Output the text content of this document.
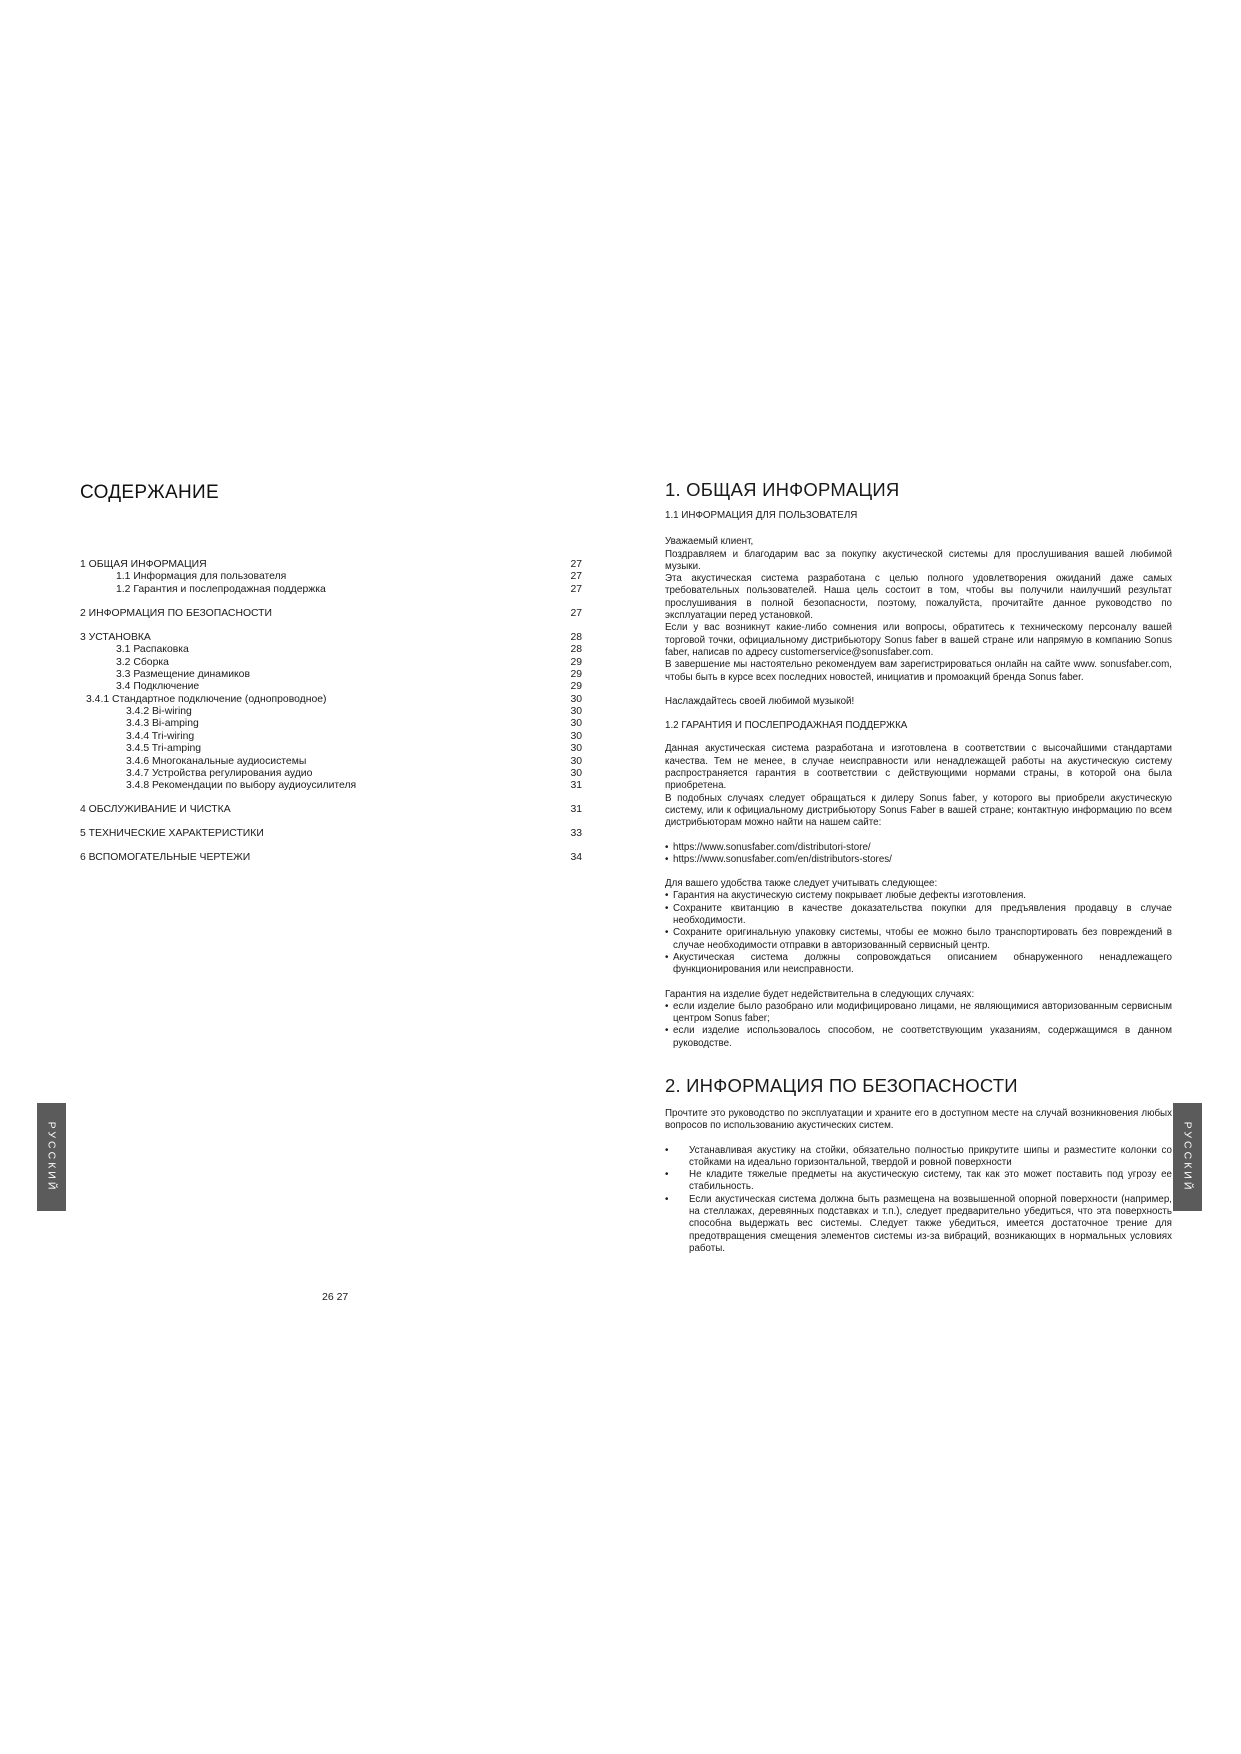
СОДЕРЖАНИЕ
1 ОБЩАЯ ИНФОРМАЦИЯ	27
1.1 Информация для пользователя	27
1.2 Гарантия и послепродажная поддержка	27
2 ИНФОРМАЦИЯ ПО БЕЗОПАСНОСТИ	27
3 УСТАНОВКА	28
3.1 Распаковка	28
3.2 Сборка	29
3.3 Размещение динамиков	29
3.4 Подключение	29
3.4.1 Стандартное подключение (однопроводное)	30
3.4.2 Bi-wiring	30
3.4.3 Bi-amping	30
3.4.4 Tri-wiring	30
3.4.5 Tri-amping	30
3.4.6 Многоканальные аудиосистемы	30
3.4.7 Устройства регулирования аудио	30
3.4.8 Рекомендации по выбору аудиоусилителя	31
4 ОБСЛУЖИВАНИЕ И ЧИСТКА	31
5 ТЕХНИЧЕСКИЕ ХАРАКТЕРИСТИКИ	33
6 ВСПОМОГАТЕЛЬНЫЕ ЧЕРТЕЖИ	34
РУССКИЙ
26 27
1. ОБЩАЯ ИНФОРМАЦИЯ
1.1 ИНФОРМАЦИЯ ДЛЯ ПОЛЬЗОВАТЕЛЯ

Уважаемый клиент,
Поздравляем и благодарим вас за покупку акустической системы для прослушивания вашей любимой музыки.
Эта акустическая система разработана с целью полного удовлетворения ожиданий даже самых требовательных пользователей. Наша цель состоит в том, чтобы вы получили наилучший результат прослушивания в полной безопасности, поэтому, пожалуйста, прочитайте данное руководство по эксплуатации перед установкой.
Если у вас возникнут какие-либо сомнения или вопросы, обратитесь к техническому персоналу вашей торговой точки, официальному дистрибьютору Sonus faber в вашей стране или напрямую в компанию Sonus faber, написав по адресу customerservice@sonusfaber.com.
В завершение мы настоятельно рекомендуем вам зарегистрироваться онлайн на сайте www. sonusfaber.com, чтобы быть в курсе всех последних новостей, инициатив и промоакций бренда Sonus faber.

Наслаждайтесь своей любимой музыкой!

1.2 ГАРАНТИЯ И ПОСЛЕПРОДАЖНАЯ ПОДДЕРЖКА

Данная акустическая система разработана и изготовлена в соответствии с высочайшими стандартами качества. Тем не менее, в случае неисправности или ненадлежащей работы на акустическую систему распространяется гарантия в соответствии с действующими нормами страны, в которой она была приобретена.
В подобных случаях следует обращаться к дилеру Sonus faber, у которого вы приобрели акустическую систему, или к официальному дистрибьютору Sonus Faber в вашей стране; контактную информацию по всем дистрибьюторам можно найти на нашем сайте:

• https://www.sonusfaber.com/distributori-store/
• https://www.sonusfaber.com/en/distributors-stores/

Для вашего удобства также следует учитывать следующее:

• Гарантия на акустическую систему покрывает любые дефекты изготовления.
• Сохраните квитанцию в качестве доказательства покупки для предъявления продавцу в случае необходимости.
• Сохраните оригинальную упаковку системы, чтобы ее можно было транспортировать без повреждений в случае необходимости отправки в авторизованный сервисный центр.
• Акустическая система должны сопровождаться описанием обнаруженного ненадлежащего функционирования или неисправности.

Гарантия на изделие будет недействительна в следующих случаях:

• если изделие было разобрано или модифицировано лицами, не являющимися авторизованным сервисным центром Sonus faber;
• если изделие использовалось способом, не соответствующим указаниям, содержащимся в данном руководстве.
2. ИНФОРМАЦИЯ ПО БЕЗОПАСНОСТИ

Прочтите это руководство по эксплуатации и храните его в доступном месте на случай возникновения любых вопросов по использованию акустических систем.

• Устанавливая акустику на стойки, обязательно полностью прикрутите шипы и разместите колонки со стойками на идеально горизонтальной, твердой и ровной поверхности
• Не кладите тяжелые предметы на акустическую систему, так как это может поставить под угрозу ее стабильность.
• Если акустическая система должна быть размещена на возвышенной опорной поверхности (например, на стеллажах, деревянных подставках и т.п.), следует предварительно убедиться, что эта поверхность способна выдержать вес системы. Следует также убедиться, имеется достаточное трение для предотвращения смещения элементов системы из-за вибраций, возникающих в нормальных условиях работы.
РУССКИЙ
